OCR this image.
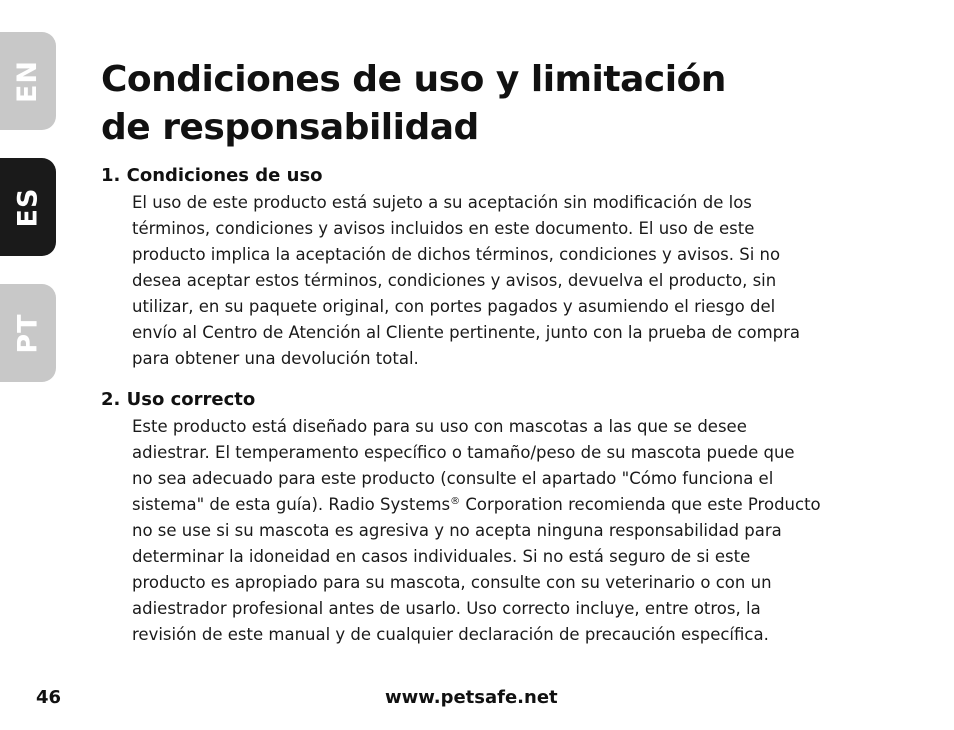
EN
ES
PT
Condiciones de uso y limitación
de responsabilidad

1. Condiciones de uso

El uso de este producto está sujeto a su aceptación sin modificación de los
términos, condiciones y avisos incluidos en este documento. El uso de este
producto implica la aceptación de dichos términos, condiciones y avisos. Si no
desea aceptar estos términos, condiciones y avisos, devuelva el producto, sin
utilizar, en su paquete original, con portes pagados y asumiendo el riesgo del
envío al Centro de Atención al Cliente pertinente, junto con la prueba de compra
para obtener una devolución total.

2. Uso correcto

Este producto está diseñado para su uso con mascotas a las que se desee
adiestrar. El temperamento específico o tamaño/peso de su mascota puede que
no sea adecuado para este producto (consulte el apartado "Cómo funciona el
sistema" de esta guía). Radio Systems® Corporation recomienda que este Producto
no se use si su mascota es agresiva y no acepta ninguna responsabilidad para
determinar la idoneidad en casos individuales. Si no está seguro de si este
producto es apropiado para su mascota, consulte con su veterinario o con un
adiestrador profesional antes de usarlo. Uso correcto incluye, entre otros, la
revisión de este manual y de cualquier declaración de precaución específica.
46	www.petsafe.net
